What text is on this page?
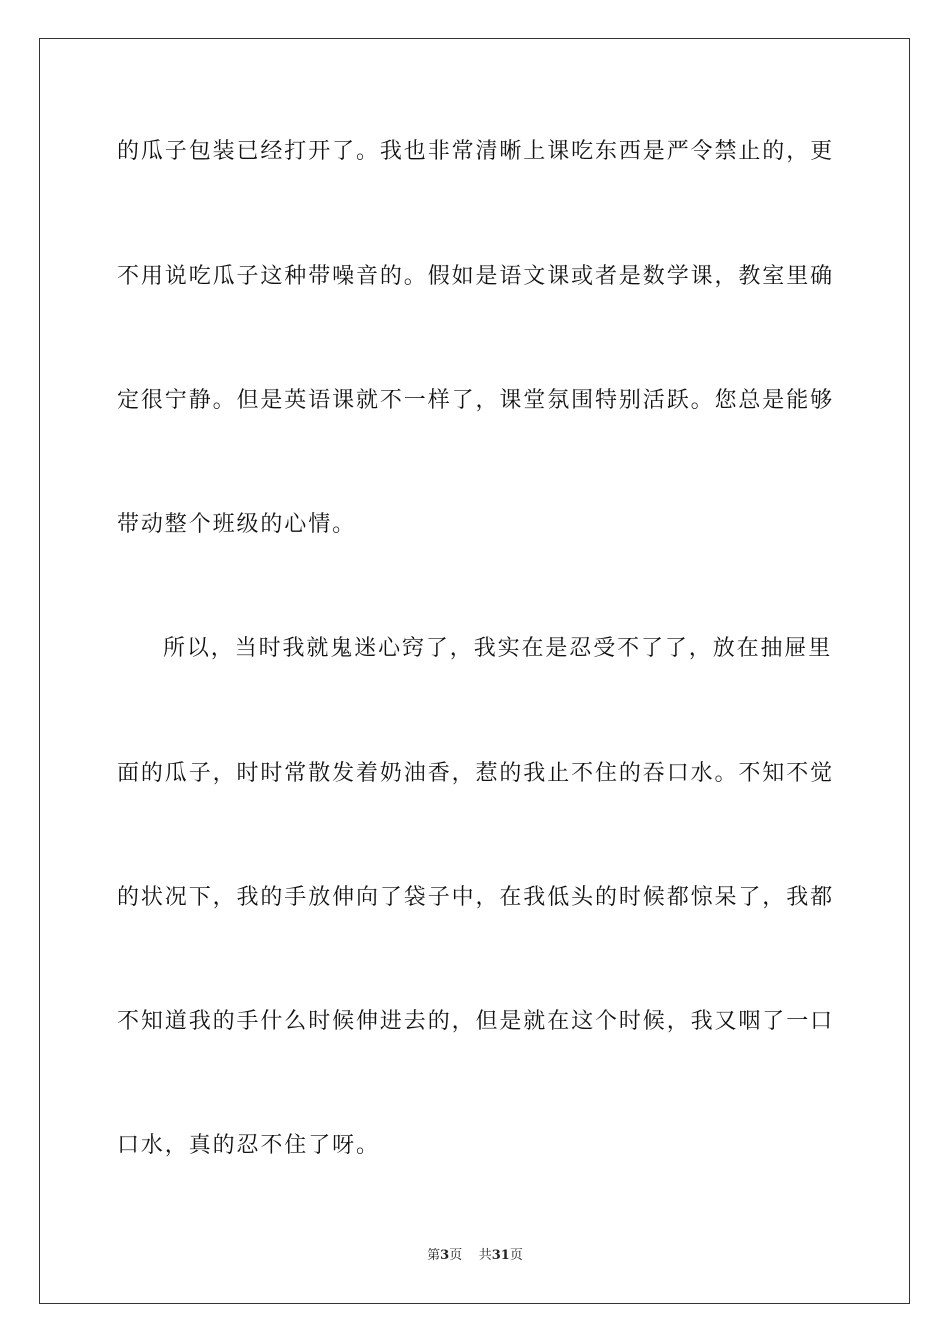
的瓜子包装已经打开了。我也非常清晰上课吃东西是严令禁止的，更
不用说吃瓜子这种带噪音的。假如是语文课或者是数学课，教室里确
定很宁静。但是英语课就不一样了，课堂氛围特别活跃。您总是能够
带动整个班级的心情。
所以，当时我就鬼迷心窍了，我实在是忍受不了了，放在抽屉里
面的瓜子，时时常散发着奶油香，惹的我止不住的吞口水。不知不觉
的状况下，我的手放伸向了袋子中，在我低头的时候都惊呆了，我都
不知道我的手什么时候伸进去的，但是就在这个时候，我又咽了一口
口水，真的忍不住了呀。
第3页 共31页
